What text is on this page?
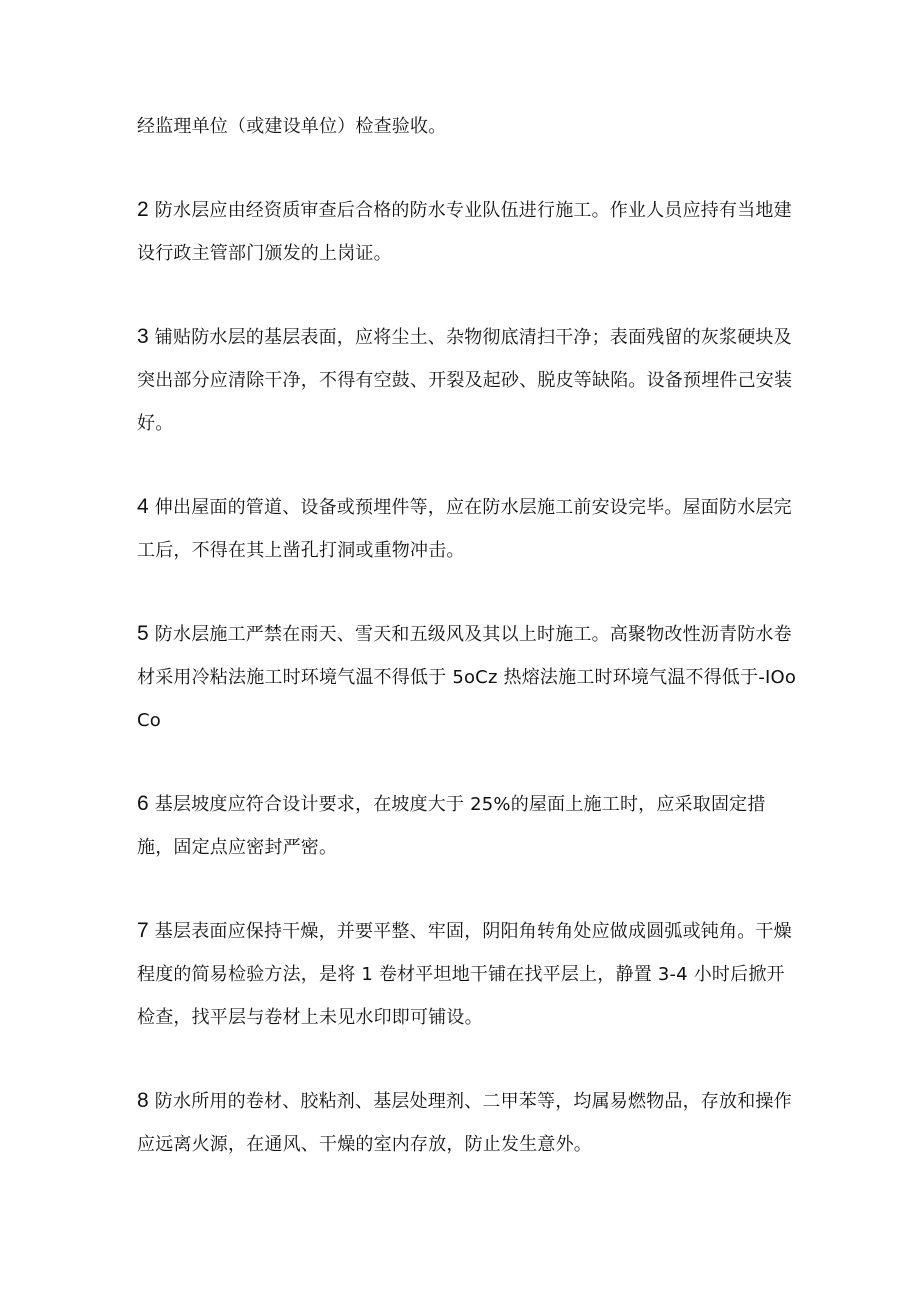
经监理单位（或建设单位）检查验收。

2 防水层应由经资质审查后合格的防水专业队伍进行施工。作业人员应持有当地建设行政主管部门颁发的上岗证。

3 铺贴防水层的基层表面，应将尘土、杂物彻底清扫干净；表面残留的灰浆硬块及突出部分应清除干净，不得有空鼓、开裂及起砂、脱皮等缺陷。设备预埋件己安装好。

4 伸出屋面的管道、设备或预埋件等，应在防水层施工前安设完毕。屋面防水层完工后，不得在其上凿孔打洞或重物冲击。

5 防水层施工严禁在雨天、雪天和五级风及其以上时施工。高聚物改性沥青防水卷材采用冷粘法施工时环境气温不得低于 5oCz 热熔法施工时环境气温不得低于-IOoCo

6 基层坡度应符合设计要求，在坡度大于 25%的屋面上施工时，应采取固定措施，固定点应密封严密。

7 基层表面应保持干燥，并要平整、牢固，阴阳角转角处应做成圆弧或钝角。干燥程度的简易检验方法，是将 1 卷材平坦地干铺在找平层上，静置 3-4 小时后掀开检查，找平层与卷材上未见水印即可铺设。

8 防水所用的卷材、胶粘剂、基层处理剂、二甲苯等，均属易燃物品，存放和操作应远离火源，在通风、干燥的室内存放，防止发生意外。
